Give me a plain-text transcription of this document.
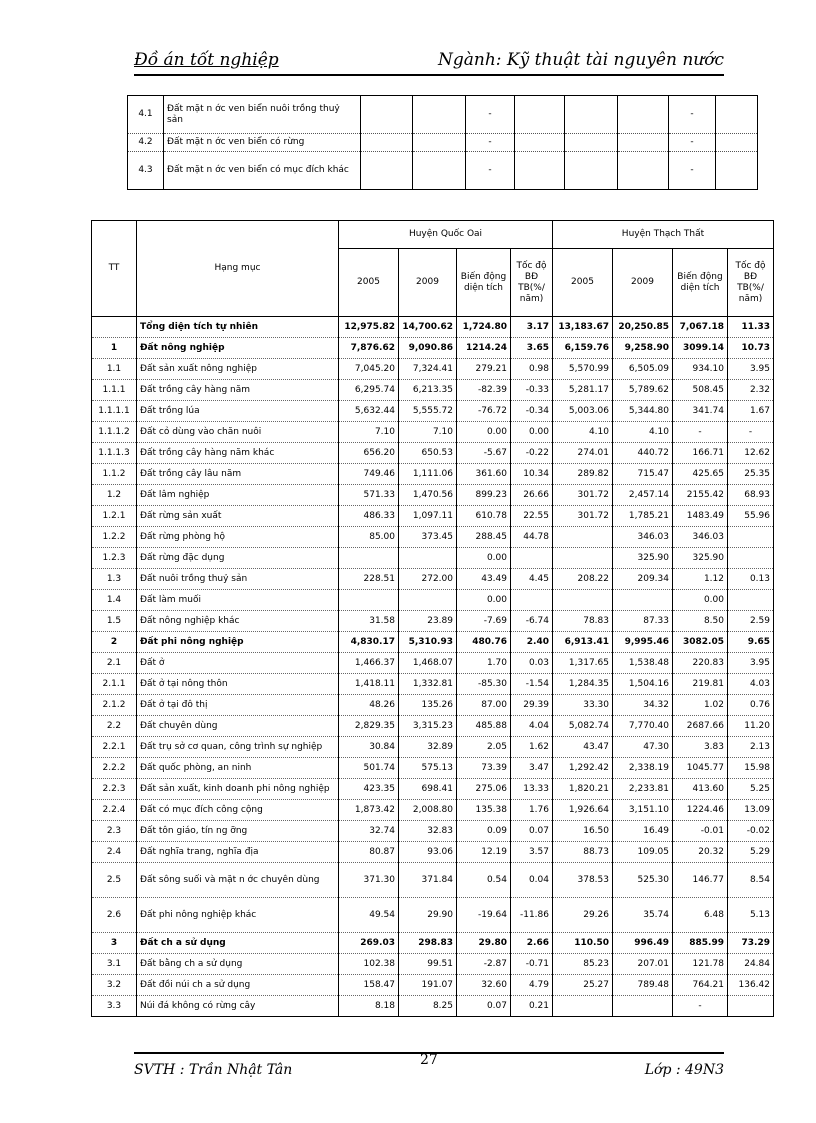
Đồ án tốt nghiệp	Ngành: Kỹ thuật tài nguyên nước
4.1	Đất mặt n ớc ven biển nuôi trồng thuỷ sản			-				-	
4.2	Đất mặt n ớc ven biển có rừng			-				-	
4.3	Đất mặt n ớc ven biển có mục đích khác			-				-	
TT	Hạng mục	Huyện Quốc Oai				Huyện Thạch Thất			
		2005	2009	Biến động diện tích	Tốc độ BĐ TB(%/ năm)	2005	2009	Biến động diện tích	Tốc độ BĐ TB(%/ năm)
	Tổng diện tích tự nhiên	12,975.82	14,700.62	1,724.80	3.17	13,183.67	20,250.85	7,067.18	11.33
1	Đất nông nghiệp	7,876.62	9,090.86	1214.24	3.65	6,159.76	9,258.90	3099.14	10.73
1.1	Đất sản xuất nông nghiệp	7,045.20	7,324.41	279.21	0.98	5,570.99	6,505.09	934.10	3.95
1.1.1	Đất trồng cây hàng năm	6,295.74	6,213.35	-82.39	-0.33	5,281.17	5,789.62	508.45	2.32
1.1.1.1	Đất trồng lúa	5,632.44	5,555.72	-76.72	-0.34	5,003.06	5,344.80	341.74	1.67
1.1.1.2	Đất cỏ dùng vào chăn nuôi	7.10	7.10	0.00	0.00	4.10	4.10	-	-
1.1.1.3	Đất trồng cây hàng năm khác	656.20	650.53	-5.67	-0.22	274.01	440.72	166.71	12.62
1.1.2	Đất trồng cây lâu năm	749.46	1,111.06	361.60	10.34	289.82	715.47	425.65	25.35
1.2	Đất lâm nghiệp	571.33	1,470.56	899.23	26.66	301.72	2,457.14	2155.42	68.93
1.2.1	Đất rừng sản xuất	486.33	1,097.11	610.78	22.55	301.72	1,785.21	1483.49	55.96
1.2.2	Đất rừng phòng hộ	85.00	373.45	288.45	44.78		346.03	346.03	
1.2.3	Đất rừng đặc dụng			0.00			325.90	325.90	
1.3	Đất nuôi trồng thuỷ sản	228.51	272.00	43.49	4.45	208.22	209.34	1.12	0.13
1.4	Đất làm muối			0.00				0.00	
1.5	Đất nông nghiệp khác	31.58	23.89	-7.69	-6.74	78.83	87.33	8.50	2.59
2	Đất phi nông nghiệp	4,830.17	5,310.93	480.76	2.40	6,913.41	9,995.46	3082.05	9.65
2.1	Đất ở	1,466.37	1,468.07	1.70	0.03	1,317.65	1,538.48	220.83	3.95
2.1.1	Đất ở tại nông thôn	1,418.11	1,332.81	-85.30	-1.54	1,284.35	1,504.16	219.81	4.03
2.1.2	Đất ở tại đô thị	48.26	135.26	87.00	29.39	33.30	34.32	1.02	0.76
2.2	Đất chuyên dùng	2,829.35	3,315.23	485.88	4.04	5,082.74	7,770.40	2687.66	11.20
2.2.1	Đất trụ sở cơ quan, công trình sự nghiệp	30.84	32.89	2.05	1.62	43.47	47.30	3.83	2.13
2.2.2	Đất quốc phòng, an ninh	501.74	575.13	73.39	3.47	1,292.42	2,338.19	1045.77	15.98
2.2.3	Đất sản xuất, kinh doanh phi nông nghiệp	423.35	698.41	275.06	13.33	1,820.21	2,233.81	413.60	5.25
2.2.4	Đất có mục đích công cộng	1,873.42	2,008.80	135.38	1.76	1,926.64	3,151.10	1224.46	13.09
2.3	Đất tôn giáo, tín ng ỡng	32.74	32.83	0.09	0.07	16.50	16.49	-0.01	-0.02
2.4	Đất nghĩa trang, nghĩa địa	80.87	93.06	12.19	3.57	88.73	109.05	20.32	5.29
2.5	Đất sông suối và mặt n ớc chuyên dùng	371.30	371.84	0.54	0.04	378.53	525.30	146.77	8.54
2.6	Đất phi nông nghiệp khác	49.54	29.90	-19.64	-11.86	29.26	35.74	6.48	5.13
3	Đất ch a sử dụng	269.03	298.83	29.80	2.66	110.50	996.49	885.99	73.29
3.1	Đất bằng ch a sử dụng	102.38	99.51	-2.87	-0.71	85.23	207.01	121.78	24.84
3.2	Đất đồi núi ch a sử dụng	158.47	191.07	32.60	4.79	25.27	789.48	764.21	136.42
3.3	Núi đá không có rừng cây	8.18	8.25	0.07	0.21			-	
SVTH : Trần Nhật Tân
27
Lớp : 49N3
